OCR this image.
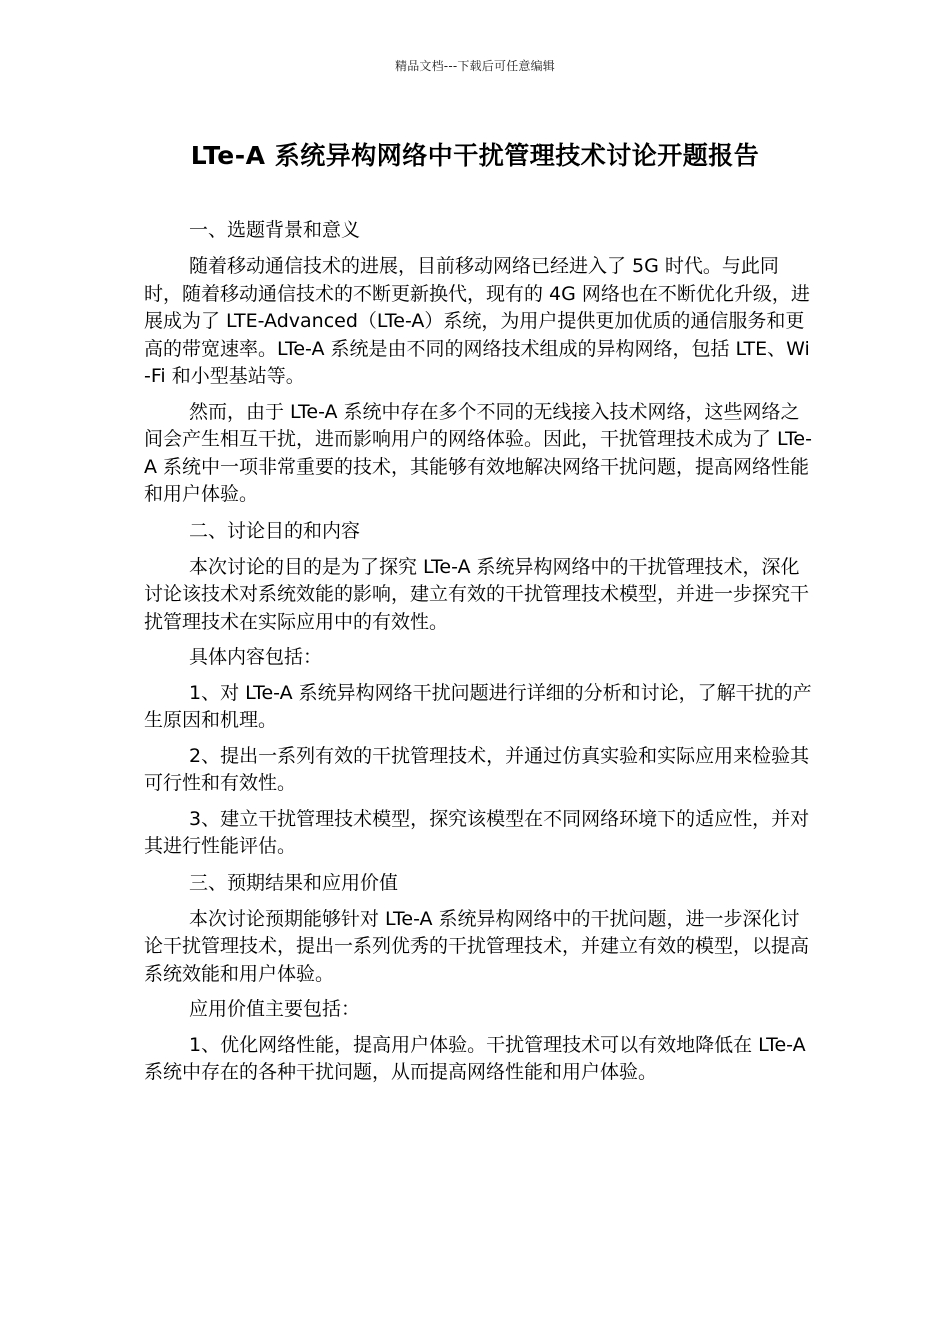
精品文档---下载后可任意编辑
LTe-A 系统异构网络中干扰管理技术讨论开题报告

一、选题背景和意义

随着移动通信技术的进展，目前移动网络已经进入了 5G 时代。与此同时，随着移动通信技术的不断更新换代，现有的 4G 网络也在不断优化升级，进展成为了 LTE-Advanced（LTe-A）系统，为用户提供更加优质的通信服务和更高的带宽速率。LTe-A 系统是由不同的网络技术组成的异构网络，包括 LTE、Wi-Fi 和小型基站等。

然而，由于 LTe-A 系统中存在多个不同的无线接入技术网络，这些网络之间会产生相互干扰，进而影响用户的网络体验。因此，干扰管理技术成为了 LTe-A 系统中一项非常重要的技术，其能够有效地解决网络干扰问题，提高网络性能和用户体验。

二、讨论目的和内容

本次讨论的目的是为了探究 LTe-A 系统异构网络中的干扰管理技术，深化讨论该技术对系统效能的影响，建立有效的干扰管理技术模型，并进一步探究干扰管理技术在实际应用中的有效性。

具体内容包括：

1、对 LTe-A 系统异构网络干扰问题进行详细的分析和讨论，了解干扰的产生原因和机理。

2、提出一系列有效的干扰管理技术，并通过仿真实验和实际应用来检验其可行性和有效性。

3、建立干扰管理技术模型，探究该模型在不同网络环境下的适应性，并对其进行性能评估。

三、预期结果和应用价值

本次讨论预期能够针对 LTe-A 系统异构网络中的干扰问题，进一步深化讨论干扰管理技术，提出一系列优秀的干扰管理技术，并建立有效的模型，以提高系统效能和用户体验。

应用价值主要包括：

1、优化网络性能，提高用户体验。干扰管理技术可以有效地降低在 LTe-A 系统中存在的各种干扰问题，从而提高网络性能和用户体验。
